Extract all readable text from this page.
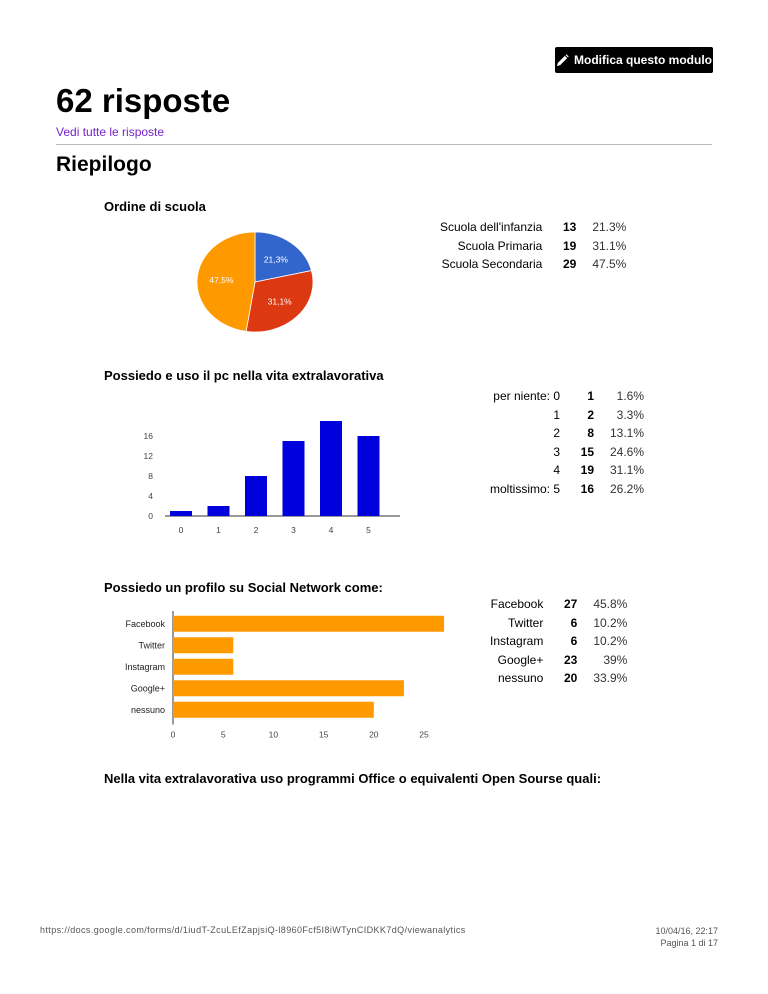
Modifica questo modulo
62 risposte
Vedi tutte le risposte
Riepilogo
Ordine di scuola
21,3%
31,1%
47,5%
Scuola dell'infanzia	13	21.3%
Scuola Primaria	19	31.1%
Scuola Secondaria	29	47.5%
Possiedo e uso il pc nella vita extralavorativa
0
4
8
12
16
0	1	2	3	4	5
per niente: 0	1	1.6%
1	2	3.3%
2	8	13.1%
3	15	24.6%
4	19	31.1%
moltissimo: 5	16	26.2%
Possiedo un profilo su Social Network come:
Facebook
Twitter
Instagram
Google+
nessuno
0	5	10	15	20	25
Facebook	27	45.8%
Twitter	6	10.2%
Instagram	6	10.2%
Google+	23	39%
nessuno	20	33.9%
Nella vita extralavorativa uso programmi Office o equivalenti Open Sourse quali:
https://docs.google.com/forms/d/1iudT-ZcuLEfZapjsiQ-l8960Fcf5I8iWTynCIDKK7dQ/viewanalytics	10/04/16, 22:17
Pagina 1 di 17
